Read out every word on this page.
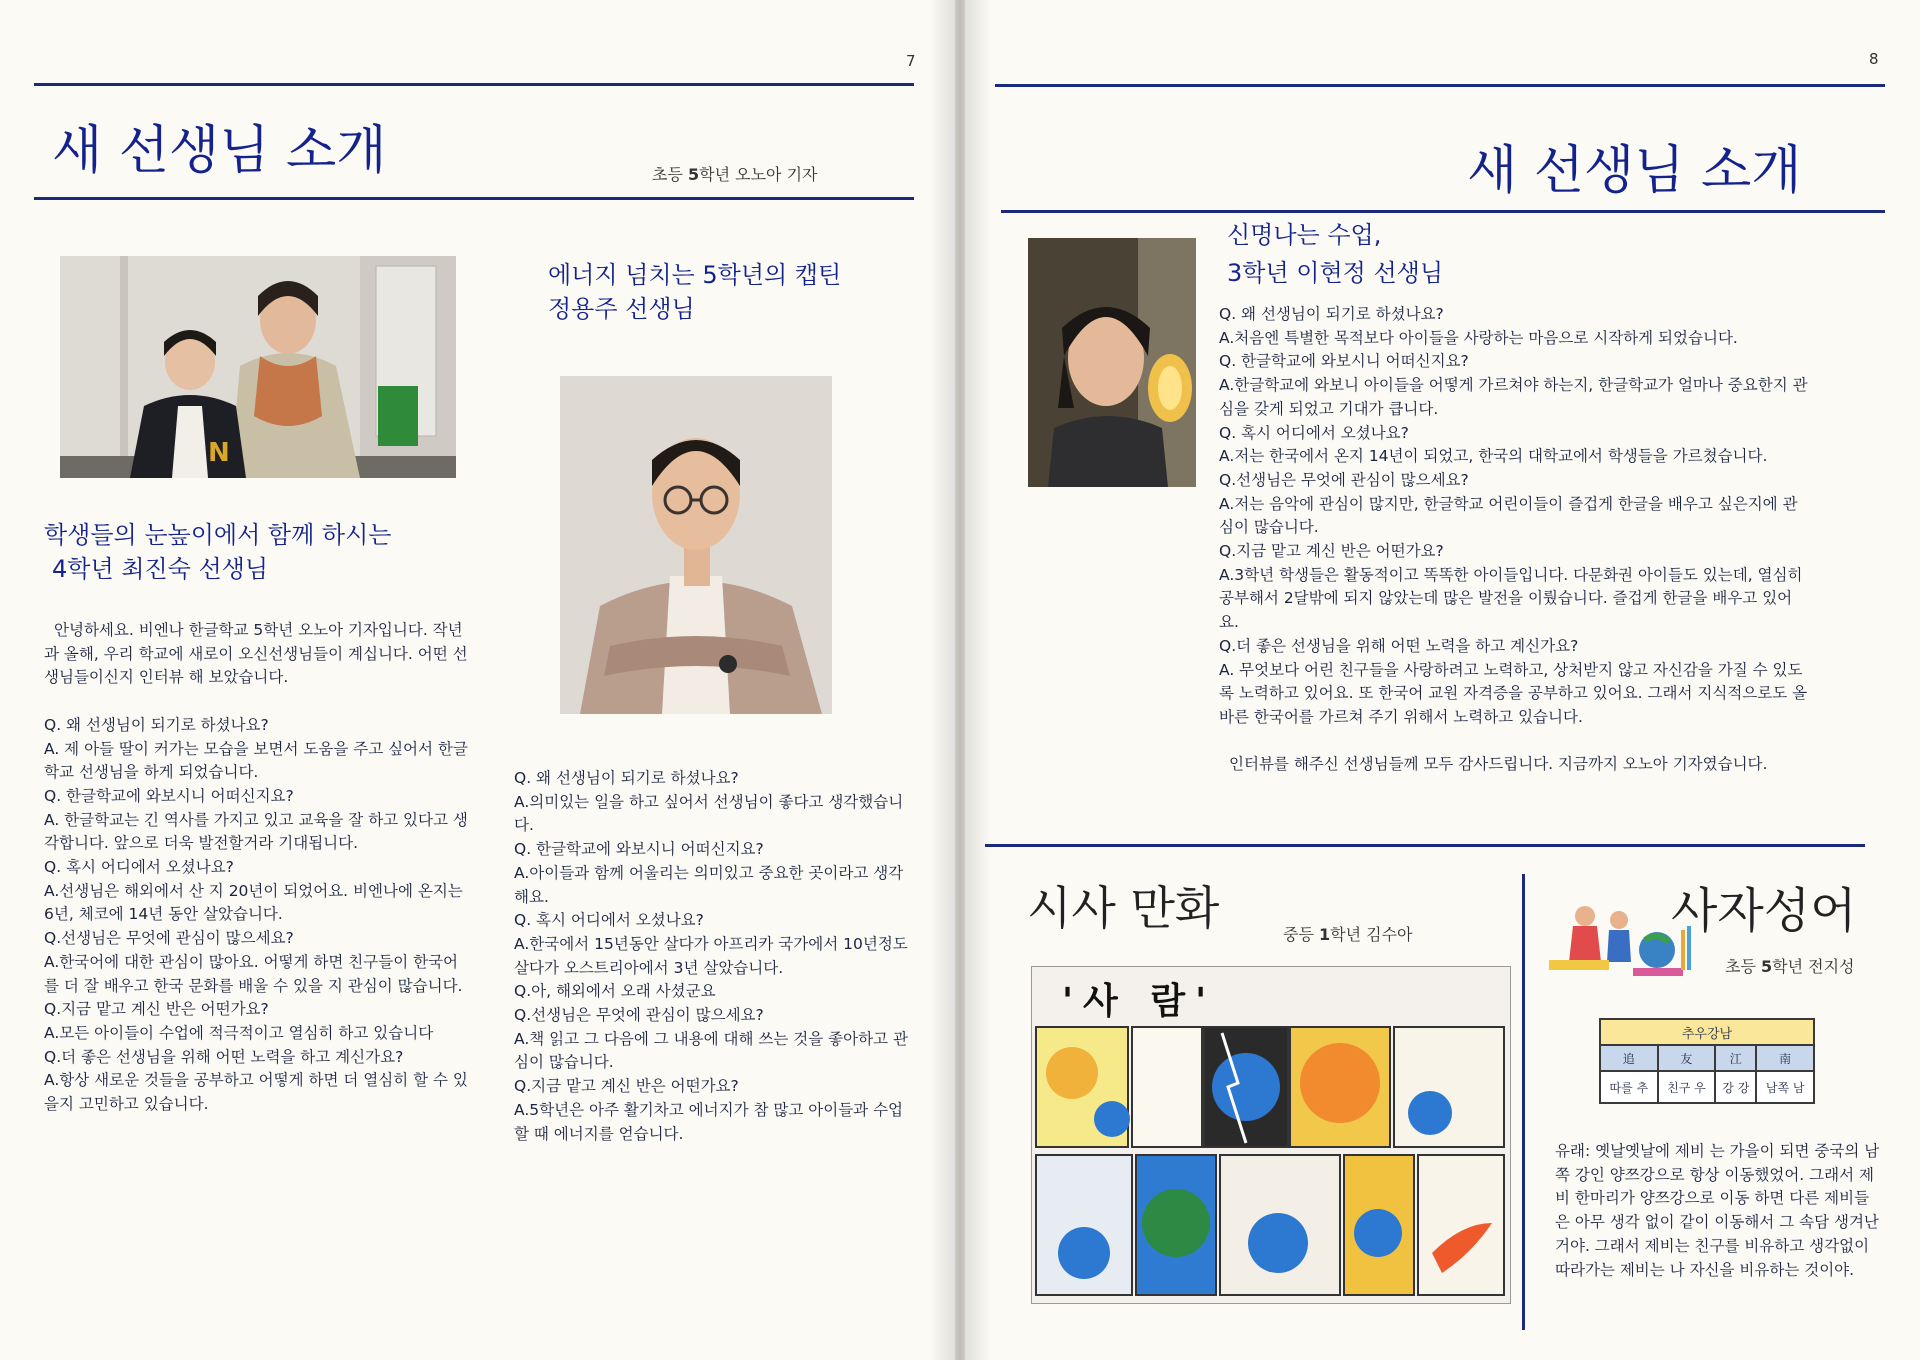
7
새 선생님 소개	초등 5학년 오노아 기자
N
학생들의 눈높이에서 함께 하시는
4학년 최진숙 선생님

안녕하세요. 비엔나 한글학교 5학년 오노아 기자입니다. 작년과 올해, 우리 학교에 새로이 오신선생님들이 계십니다. 어떤 선생님들이신지 인터뷰 해 보았습니다.

Q. 왜 선생님이 되기로 하셨나요?

A. 제 아들 딸이 커가는 모습을 보면서 도움을 주고 싶어서 한글학교 선생님을 하게 되었습니다.

Q. 한글학교에 와보시니 어떠신지요?

A. 한글학교는 긴 역사를 가지고 있고 교육을 잘 하고 있다고 생각합니다. 앞으로 더욱 발전할거라 기대됩니다.

Q. 혹시 어디에서 오셨나요?

A.선생님은 해외에서 산 지 20년이 되었어요. 비엔나에 온지는 6년, 체코에 14년 동안 살았습니다.

Q.선생님은 무엇에 관심이 많으세요?

A.한국어에 대한 관심이 많아요. 어떻게 하면 친구들이 한국어를 더 잘 배우고 한국 문화를 배울 수 있을 지 관심이 많습니다.

Q.지금 맡고 계신 반은 어떤가요?

A.모든 아이들이 수업에 적극적이고 열심히 하고 있습니다

Q.더 좋은 선생님을 위해 어떤 노력을 하고 계신가요?

A.항상 새로운 것들을 공부하고 어떻게 하면 더 열심히 할 수 있을지 고민하고 있습니다.

에너지 넘치는 5학년의 캡틴
정용주 선생님

Q. 왜 선생님이 되기로 하셨나요?

A.의미있는 일을 하고 싶어서 선생님이 좋다고 생각했습니다.

Q. 한글학교에 와보시니 어떠신지요?

A.아이들과 함께 어울리는 의미있고 중요한 곳이라고 생각해요.

Q. 혹시 어디에서 오셨나요?

A.한국에서 15년동안 살다가 아프리카 국가에서 10년정도 살다가 오스트리아에서 3년 살았습니다.

Q.아, 해외에서 오래 사셨군요

Q.선생님은 무엇에 관심이 많으세요?

A.책 읽고 그 다음에 그 내용에 대해 쓰는 것을 좋아하고 관심이 많습니다.

Q.지금 맡고 계신 반은 어떤가요?

A.5학년은 아주 활기차고 에너지가 참 많고 아이들과 수업할 때 에너지를 얻습니다.

8
새 선생님 소개
신명나는 수업,
3학년 이현정 선생님

Q. 왜 선생님이 되기로 하셨나요?

A.처음엔 특별한 목적보다 아이들을 사랑하는 마음으로 시작하게 되었습니다.

Q. 한글학교에 와보시니 어떠신지요?

A.한글학교에 와보니 아이들을 어떻게 가르쳐야 하는지, 한글학교가 얼마나 중요한지 관심을 갖게 되었고 기대가 큽니다.

Q. 혹시 어디에서 오셨나요?

A.저는 한국에서 온지 14년이 되었고, 한국의 대학교에서 학생들을 가르쳤습니다.

Q.선생님은 무엇에 관심이 많으세요?

A.저는 음악에 관심이 많지만, 한글학교 어린이들이 즐겁게 한글을 배우고 싶은지에 관심이 많습니다.

Q.지금 맡고 계신 반은 어떤가요?

A.3학년 학생들은 활동적이고 똑똑한 아이들입니다. 다문화권 아이들도 있는데, 열심히 공부해서 2달밖에 되지 않았는데 많은 발전을 이뤘습니다. 즐겁게 한글을 배우고 있어요.

Q.더 좋은 선생님을 위해 어떤 노력을 하고 계신가요?

A. 무엇보다 어린 친구들을 사랑하려고 노력하고, 상처받지 않고 자신감을 가질 수 있도록 노력하고 있어요. 또 한국어 교원 자격증을 공부하고 있어요. 그래서 지식적으로도 올바른 한국어를 가르쳐 주기 위해서 노력하고 있습니다.

인터뷰를 해주신 선생님들께 모두 감사드립니다. 지금까지 오노아 기자였습니다.

시사 만화	중등 1학년 김수아
'사 람'
사자성어
초등 5학년 전지성
추우강남			
追	友	江	南
따를 추	친구 우	강 강	남쪽 남
유래: 옛날옛날에 제비 는 가을이 되면 중국의 남쪽 강인 양쯔강으로 항상 이동했었어. 그래서 제비 한마리가 양쯔강으로 이동 하면 다른 제비들은 아무 생각 없이 같이 이동해서 그 속담 생겨난거야. 그래서 제비는 친구를 비유하고 생각없이 따라가는 제비는 나 자신을 비유하는 것이야.
